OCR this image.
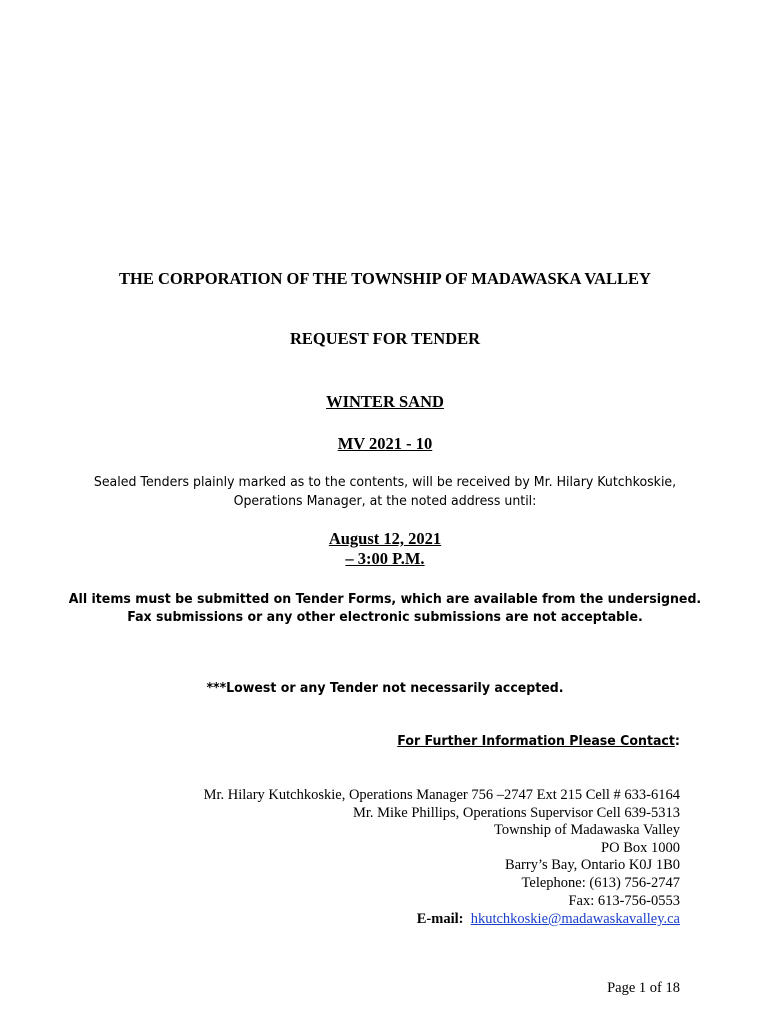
THE CORPORATION OF THE TOWNSHIP OF MADAWASKA VALLEY
REQUEST FOR TENDER
WINTER SAND
MV 2021 - 10
Sealed Tenders plainly marked as to the contents, will be received by Mr. Hilary Kutchkoskie,
Operations Manager, at the noted address until:
August 12, 2021
– 3:00 P.M.
All items must be submitted on Tender Forms, which are available from the undersigned.
Fax submissions or any other electronic submissions are not acceptable.
***Lowest or any Tender not necessarily accepted.
For Further Information Please Contact:
Mr. Hilary Kutchkoskie, Operations Manager 756 –2747 Ext 215 Cell # 633-6164
Mr. Mike Phillips, Operations Supervisor Cell 639-5313
Township of Madawaska Valley
PO Box 1000
Barry’s Bay, Ontario K0J 1B0
Telephone: (613) 756-2747
Fax: 613-756-0553
E-mail: hkutchkoskie@madawaskavalley.ca
Page 1 of 18
